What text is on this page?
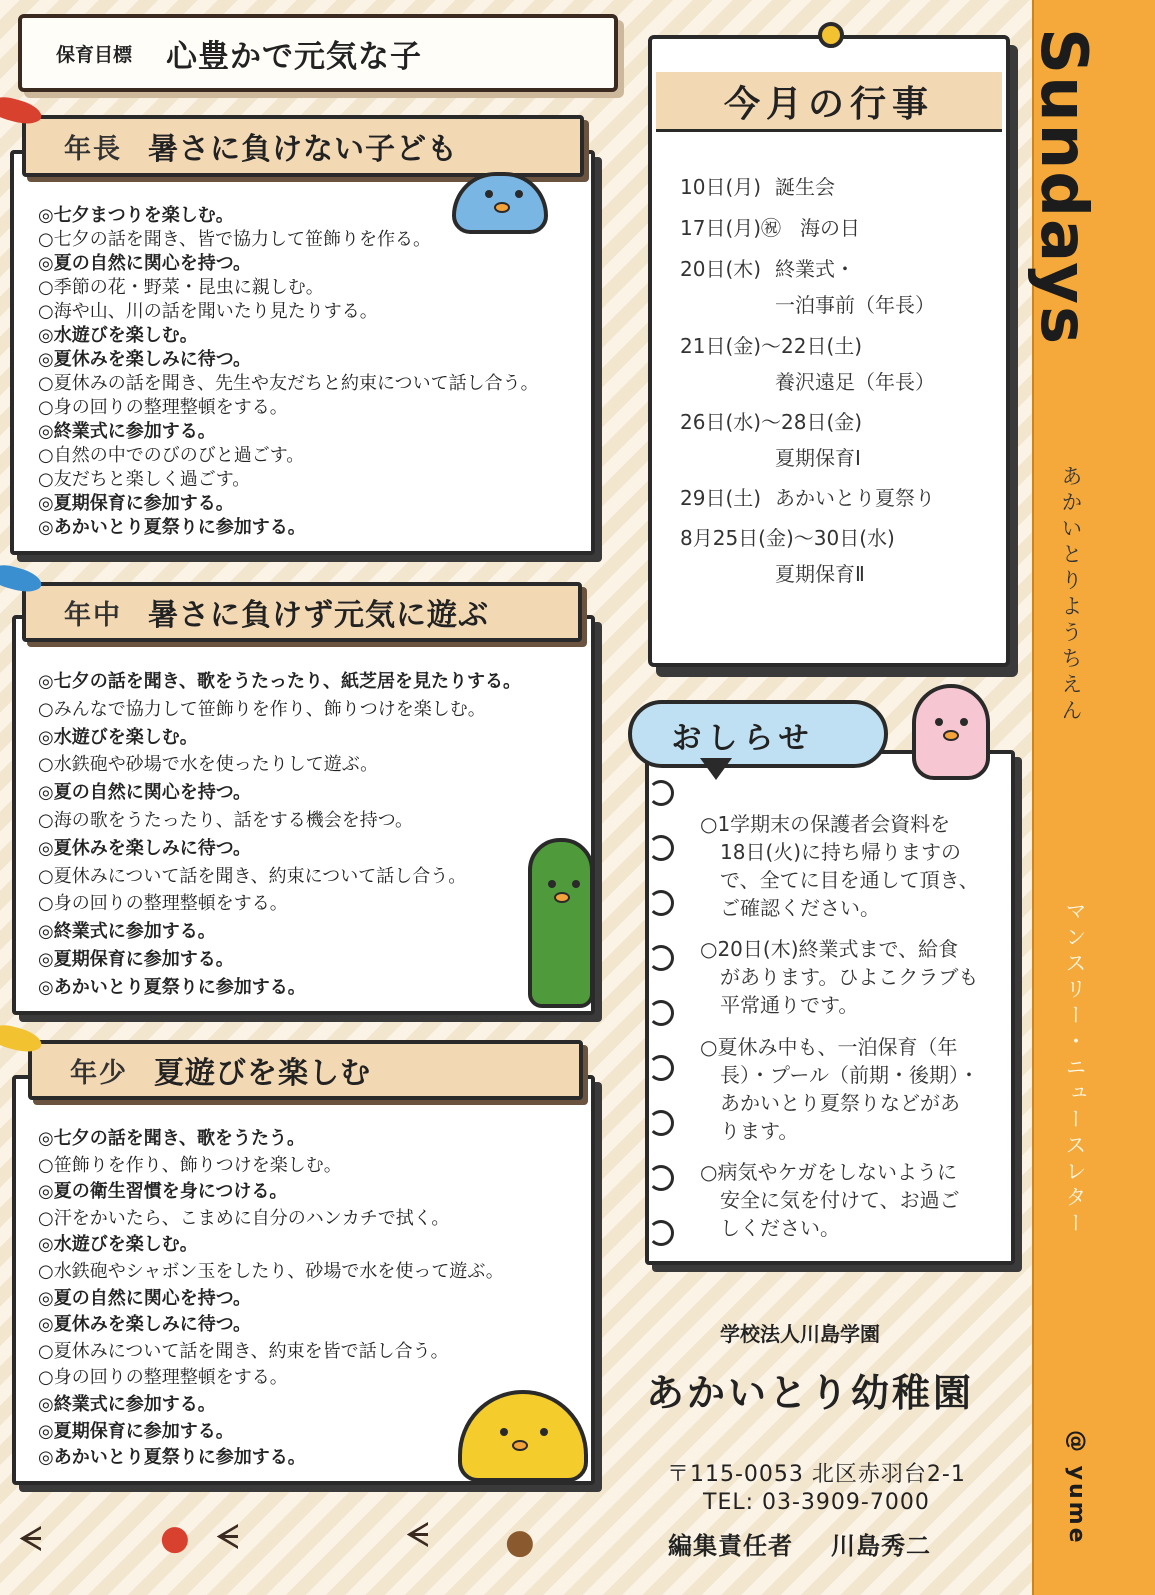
Sundays
あかいとりようちえん
マンスリー・ニュースレター
@ yume
保育目標 心豊かで元気な子
年長 暑さに負けない子ども
◎七夕まつりを楽しむ。
○七夕の話を聞き、皆で協力して笹飾りを作る。
◎夏の自然に関心を持つ。
○季節の花・野菜・昆虫に親しむ。
○海や山、川の話を聞いたり見たりする。
◎水遊びを楽しむ。
◎夏休みを楽しみに待つ。
○夏休みの話を聞き、先生や友だちと約束について話し合う。
○身の回りの整理整頓をする。
◎終業式に参加する。
○自然の中でのびのびと過ごす。
○友だちと楽しく過ごす。
◎夏期保育に参加する。
◎あかいとり夏祭りに参加する。
年中 暑さに負けず元気に遊ぶ
◎七夕の話を聞き、歌をうたったり、紙芝居を見たりする。
○みんなで協力して笹飾りを作り、飾りつけを楽しむ。
◎水遊びを楽しむ。
○水鉄砲や砂場で水を使ったりして遊ぶ。
◎夏の自然に関心を持つ。
○海の歌をうたったり、話をする機会を持つ。
◎夏休みを楽しみに待つ。
○夏休みについて話を聞き、約束について話し合う。
○身の回りの整理整頓をする。
◎終業式に参加する。
◎夏期保育に参加する。
◎あかいとり夏祭りに参加する。
年少 夏遊びを楽しむ
◎七夕の話を聞き、歌をうたう。
○笹飾りを作り、飾りつけを楽しむ。
◎夏の衛生習慣を身につける。
○汗をかいたら、こまめに自分のハンカチで拭く。
◎水遊びを楽しむ。
○水鉄砲やシャボン玉をしたり、砂場で水を使って遊ぶ。
◎夏の自然に関心を持つ。
◎夏休みを楽しみに待つ。
○夏休みについて話を聞き、約束を皆で話し合う。
○身の回りの整理整頓をする。
◎終業式に参加する。
◎夏期保育に参加する。
◎あかいとり夏祭りに参加する。
ᗕ	● ᗕ	ᗕ ●
今月の行事
10日(月) 誕生会
17日(月)㊗ 海の日
20日(木) 終業式・
一泊事前（年長）
21日(金)〜22日(土)
養沢遠足（年長）
26日(水)〜28日(金)
夏期保育Ⅰ
29日(土) あかいとり夏祭り
8月25日(金)〜30日(水)
夏期保育Ⅱ
おしらせ
○1学期末の保護者会資料を
18日(火)に持ち帰りますの
で、全てに目を通して頂き、
ご確認ください。
○20日(木)終業式まで、給食
があります。ひよこクラブも
平常通りです。
○夏休み中も、一泊保育（年
長）・プール（前期・後期）・
あかいとり夏祭りなどがあ
ります。
○病気やケガをしないように
安全に気を付けて、お過ご
しください。
学校法人川島学園
あかいとり幼稚園
〒115-0053 北区赤羽台2-1
TEL: 03-3909-7000
編集責任者 川島秀二
